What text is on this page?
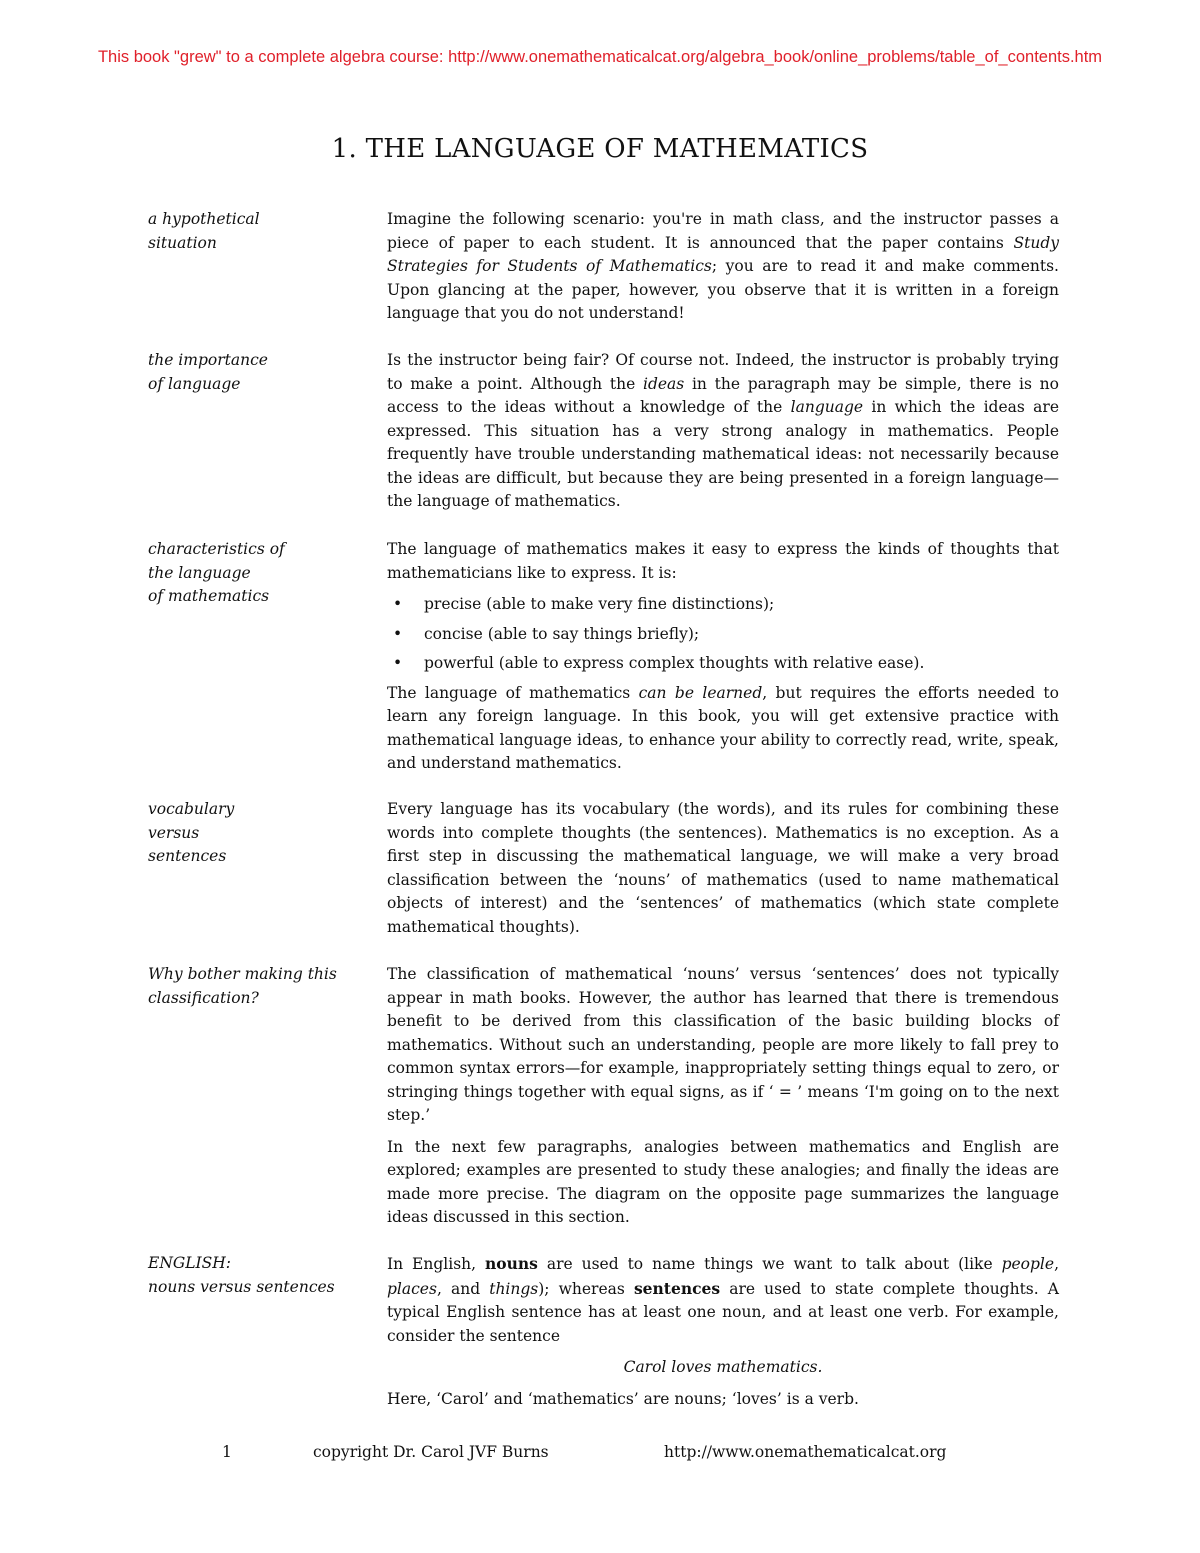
This book "grew" to a complete algebra course: http://www.onemathematicalcat.org/algebra_book/online_problems/table_of_contents.htm
1. THE LANGUAGE OF MATHEMATICS
a hypothetical
situation

Imagine the following scenario: you're in math class, and the instructor passes a piece of paper to each student. It is announced that the paper contains Study Strategies for Students of Mathematics; you are to read it and make comments. Upon glancing at the paper, however, you observe that it is written in a foreign language that you do not understand!

the importance
of language

Is the instructor being fair? Of course not. Indeed, the instructor is probably trying to make a point. Although the ideas in the paragraph may be simple, there is no access to the ideas without a knowledge of the language in which the ideas are expressed. This situation has a very strong analogy in mathematics. People frequently have trouble understanding mathematical ideas: not necessarily because the ideas are difficult, but because they are being presented in a foreign language—the language of mathematics.

characteristics of
the language
of mathematics

The language of mathematics makes it easy to express the kinds of thoughts that mathematicians like to express. It is:

• precise (able to make very fine distinctions);
• concise (able to say things briefly);
• powerful (able to express complex thoughts with relative ease).

The language of mathematics can be learned, but requires the efforts needed to learn any foreign language. In this book, you will get extensive practice with mathematical language ideas, to enhance your ability to correctly read, write, speak, and understand mathematics.

vocabulary
versus
sentences

Every language has its vocabulary (the words), and its rules for combining these words into complete thoughts (the sentences). Mathematics is no exception. As a first step in discussing the mathematical language, we will make a very broad classification between the ‘nouns’ of mathematics (used to name mathematical objects of interest) and the ‘sentences’ of mathematics (which state complete mathematical thoughts).

Why bother making this
classification?

The classification of mathematical ‘nouns’ versus ‘sentences’ does not typically appear in math books. However, the author has learned that there is tremendous benefit to be derived from this classification of the basic building blocks of mathematics. Without such an understanding, people are more likely to fall prey to common syntax errors—for example, inappropriately setting things equal to zero, or stringing things together with equal signs, as if ‘ = ’ means ‘I'm going on to the next step.’

In the next few paragraphs, analogies between mathematics and English are explored; examples are presented to study these analogies; and finally the ideas are made more precise. The diagram on the opposite page summarizes the language ideas discussed in this section.

ENGLISH:
nouns versus sentences

In English, nouns are used to name things we want to talk about (like people, places, and things); whereas sentences are used to state complete thoughts. A typical English sentence has at least one noun, and at least one verb. For example, consider the sentence

Carol loves mathematics.

Here, ‘Carol’ and ‘mathematics’ are nouns; ‘loves’ is a verb.

1	copyright Dr. Carol JVF Burns	http://www.onemathematicalcat.org
